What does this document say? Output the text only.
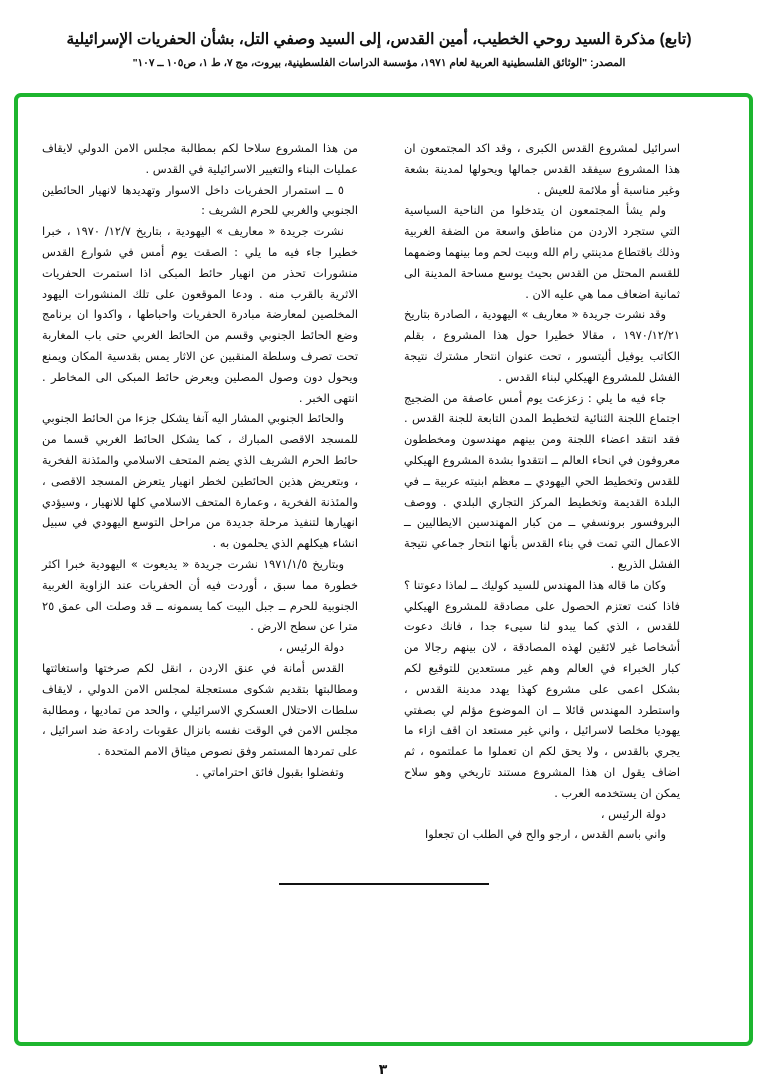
(تابع) مذكرة السيد روحي الخطيب، أمين القدس، إلى السيد وصفي التل، بشأن الحفريات الإسرائيلية
المصدر: "الوثائق الفلسطينية العربية لعام ١٩٧١، مؤسسة الدراسات الفلسطينية، بيروت، مج ٧، ط ١، ص١٠٥ ــ ١٠٧"

اسرائيل لمشروع القدس الكبرى ، وقد اكد المجتمعون ان هذا المشروع سيفقد القدس جمالها ويحولها لمدينة بشعة وغير مناسبة أو ملائمة للعيش .

ولم يشأ المجتمعون ان يتدخلوا من الناحية السياسية التي ستجرد الاردن من مناطق واسعة من الضفة الغربية وذلك باقتطاع مدينتي رام الله وبيت لحم وما بينهما وضمهما للقسم المحتل من القدس بحيث يوسع مساحة المدينة الى ثمانية اضعاف مما هي عليه الان .

وقد نشرت جريدة « معاريف » اليهودية ، الصادرة بتاريخ ١٩٧٠/١٢/٢١ ، مقالا خطيرا حول هذا المشروع ، بقلم الكاتب يوفيل أليتسور ، تحت عنوان انتحار مشترك نتيجة الفشل للمشروع الهيكلي لبناء القدس .

جاء فيه ما يلي : زعزعت يوم أمس عاصفة من الضجيج اجتماع اللجنة الثنائية لتخطيط المدن التابعة للجنة القدس . فقد انتقد اعضاء اللجنة ومن بينهم مهندسون ومخططون معروفون في انحاء العالم ــ انتقدوا بشدة المشروع الهيكلي للقدس وتخطيط الحي اليهودي ــ معظم ابنيته عربية ــ في البلدة القديمة وتخطيط المركز التجاري البلدي . ووصف البروفسور برونسفي ــ من كبار المهندسين الايطاليين ــ الاعمال التي تمت في بناء القدس بأنها انتحار جماعي نتيجة الفشل الذريع .

وكان ما قاله هذا المهندس للسيد كوليك ــ لماذا دعوتنا ؟ فاذا كنت تعتزم الحصول على مصادقة للمشروع الهيكلي للقدس ، الذي كما يبدو لنا سيىء جدا ، فانك دعوت أشخاصا غير لائقين لهذه المصادقة ، لان بينهم رجالا من كبار الخبراء في العالم وهم غير مستعدين للتوقيع لكم بشكل اعمى على مشروع كهذا يهدد مدينة القدس ، واستطرد المهندس قائلا ــ ان الموضوع مؤلم لي بصفتي يهوديا مخلصا لاسرائيل ، واني غير مستعد ان اقف ازاء ما يجري بالقدس ، ولا يحق لكم ان تعملوا ما عملتموه ، ثم اضاف يقول ان هذا المشروع مستند تاريخي وهو سلاح يمكن ان يستخدمه العرب .

دولة الرئيس ،

واني باسم القدس ، ارجو والح في الطلب ان تجعلوا

من هذا المشروع سلاحا لكم بمطالبة مجلس الامن الدولي لايقاف عمليات البناء والتغيير الاسرائيلية في القدس .

٥ ــ استمرار الحفريات داخل الاسوار وتهديدها لانهيار الحائطين الجنوبي والغربي للحرم الشريف :

نشرت جريدة « معاريف » اليهودية ، بتاريخ ١٢/٧/ ١٩٧٠ ، خبرا خطيرا جاء فيه ما يلي : الصقت يوم أمس في شوارع القدس منشورات تحذر من انهيار حائط المبكى اذا استمرت الحفريات الاثرية بالقرب منه . ودعا الموقعون على تلك المنشورات اليهود المخلصين لمعارضة مبادرة الحفريات واحباطها ، واكدوا ان برنامج وضع الحائط الجنوبي وقسم من الحائط الغربي حتى باب المغاربة تحت تصرف وسلطة المنقبين عن الاثار يمس بقدسية المكان ويمنع ويحول دون وصول المصلين ويعرض حائط المبكى الى المخاطر . انتهى الخبر .

والحائط الجنوبي المشار اليه آنفا يشكل جزءا من الحائط الجنوبي للمسجد الاقصى المبارك ، كما يشكل الحائط الغربي قسما من حائط الحرم الشريف الذي يضم المتحف الاسلامي والمئذنة الفخرية ، وبتعريض هذين الحائطين لخطر انهيار يتعرض المسجد الاقصى ، والمئذنة الفخرية ، وعمارة المتحف الاسلامي كلها للانهيار ، وسيؤدي انهيارها لتنفيذ مرحلة جديدة من مراحل التوسع اليهودي في سبيل انشاء هيكلهم الذي يحلمون به .

وبتاريخ ١٩٧١/١/٥ نشرت جريدة « يديعوت » اليهودية خبرا اكثر خطورة مما سبق ، أوردت فيه أن الحفريات عند الزاوية الغربية الجنوبية للحرم ــ جبل البيت كما يسمونه ــ قد وصلت الى عمق ٢٥ مترا عن سطح الارض .

دولة الرئيس ،

القدس أمانة في عنق الاردن ، انقل لكم صرختها واستغاثتها ومطالبتها بتقديم شكوى مستعجلة لمجلس الامن الدولي ، لايقاف سلطات الاحتلال العسكري الاسرائيلي ، والحد من تماديها ، ومطالبة مجلس الامن في الوقت نفسه بانزال عقوبات رادعة ضد اسرائيل ، على تمردها المستمر وفق نصوص ميثاق الامم المتحدة .

وتفضلوا بقبول فائق احتراماتي .

٣
